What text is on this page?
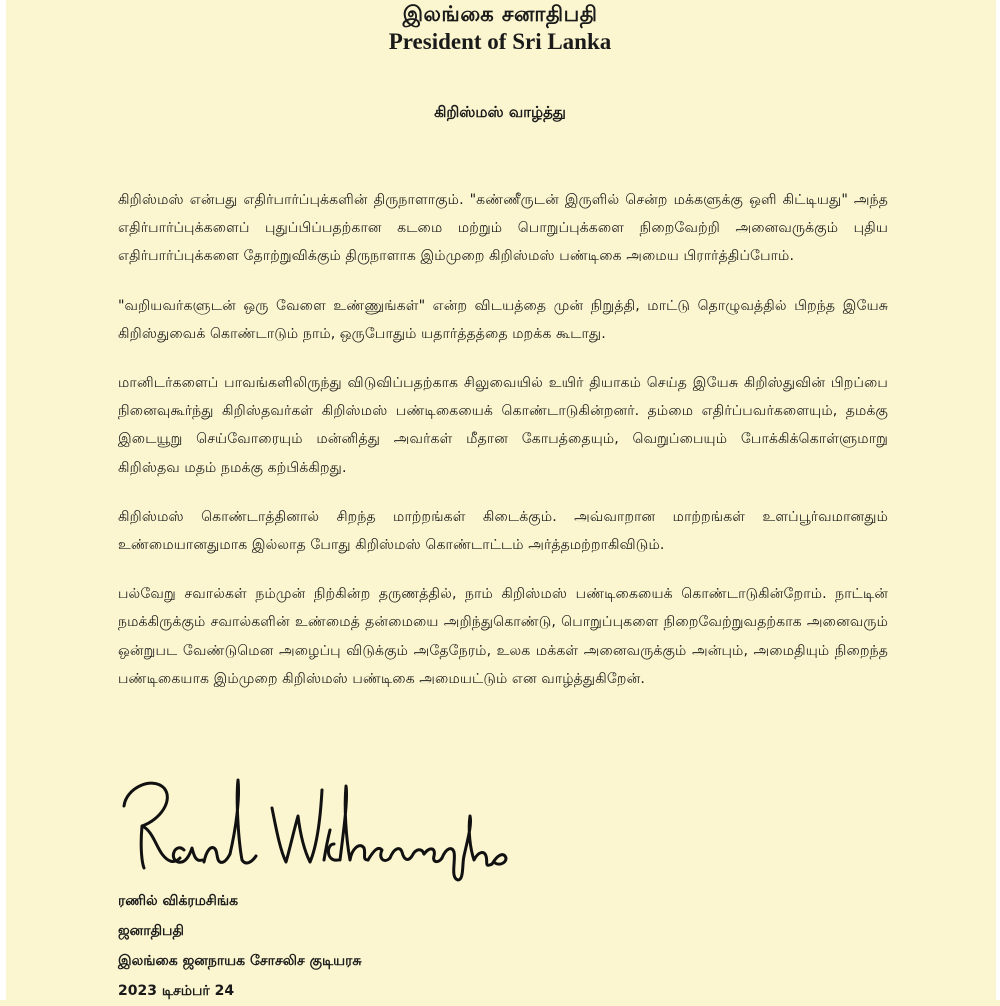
இலங்கை சனாதிபதி
President of Sri Lanka
கிறிஸ்மஸ் வாழ்த்து

கிறிஸ்மஸ் என்பது எதிர்பார்ப்புக்களின் திருநாளாகும். "கண்ணீருடன் இருளில் சென்ற மக்களுக்கு ஒளி கிட்டியது" அந்த எதிர்பார்ப்புக்களைப் புதுப்பிப்பதற்கான கடமை மற்றும் பொறுப்புக்களை நிறைவேற்றி அனைவருக்கும் புதிய எதிர்பார்ப்புக்களை தோற்றுவிக்கும் திருநாளாக இம்முறை கிறிஸ்மஸ் பண்டிகை அமைய பிரார்த்திப்போம்.

"வறியவர்களுடன் ஒரு வேளை உண்ணுங்கள்" என்ற விடயத்தை முன் நிறுத்தி, மாட்டு தொழுவத்தில் பிறந்த இயேசு கிறிஸ்துவைக் கொண்டாடும் நாம், ஒருபோதும் யதார்த்தத்தை மறக்க கூடாது.

மானிடர்களைப் பாவங்களிலிருந்து விடுவிப்பதற்காக சிலுவையில் உயிர் தியாகம் செய்த இயேசு கிறிஸ்துவின் பிறப்பை நினைவுகூர்ந்து கிறிஸ்தவர்கள் கிறிஸ்மஸ் பண்டிகையைக் கொண்டாடுகின்றனர். தம்மை எதிர்ப்பவர்களையும், தமக்கு இடையூறு செய்வோரையும் மன்னித்து அவர்கள் மீதான கோபத்தையும், வெறுப்பையும் போக்கிக்கொள்ளுமாறு கிறிஸ்தவ மதம் நமக்கு கற்பிக்கிறது.

கிறிஸ்மஸ் கொண்டாத்தினால் சிறந்த மாற்றங்கள் கிடைக்கும். அவ்வாறான மாற்றங்கள் உளப்பூர்வமானதும் உண்மையானதுமாக இல்லாத போது கிறிஸ்மஸ் கொண்டாட்டம் அர்த்தமற்றாகிவிடும்.

பல்வேறு சவால்கள் நம்முன் நிற்கின்ற தருணத்தில், நாம் கிறிஸ்மஸ் பண்டிகையைக் கொண்டாடுகின்றோம். நாட்டின் நமக்கிருக்கும் சவால்களின் உண்மைத் தன்மையை அறிந்துகொண்டு, பொறுப்புகளை நிறைவேற்றுவதற்காக அனைவரும் ஒன்றுபட வேண்டுமென அழைப்பு விடுக்கும் அதேநேரம், உலக மக்கள் அனைவருக்கும் அன்பும், அமைதியும் நிறைந்த பண்டிகையாக இம்முறை கிறிஸ்மஸ் பண்டிகை அமையட்டும் என வாழ்த்துகிறேன்.

ரணில் விக்ரமசிங்க
ஜனாதிபதி
இலங்கை ஜனநாயக சோசலிச குடியரசு
2023 டிசம்பர் 24
